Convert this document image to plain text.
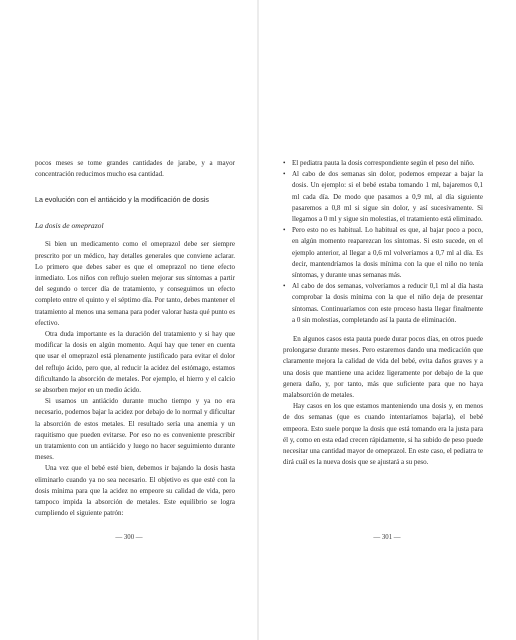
pocos meses se tome grandes cantidades de jarabe, y a mayor concentración reducimos mucho esa cantidad.

La evolución con el antiácido y la modificación de dosis
La dosis de omeprazol

Si bien un medicamento como el omeprazol debe ser siempre prescrito por un médico, hay detalles generales que conviene aclarar. Lo primero que debes saber es que el omeprazol no tiene efecto inmediato. Los niños con reflujo suelen mejorar sus síntomas a partir del segundo o tercer día de tratamiento, y conseguimos un efecto completo entre el quinto y el séptimo día. Por tanto, debes mantener el tratamiento al menos una semana para poder valorar hasta qué punto es efectivo.

Otra duda importante es la duración del tratamiento y si hay que modificar la dosis en algún momento. Aquí hay que tener en cuenta que usar el omeprazol está plenamente justificado para evitar el dolor del reflujo ácido, pero que, al reducir la acidez del estómago, estamos dificultando la absorción de metales. Por ejemplo, el hierro y el calcio se absorben mejor en un medio ácido.

Si usamos un antiácido durante mucho tiempo y ya no era necesario, podemos bajar la acidez por debajo de lo normal y dificultar la absorción de estos metales. El resultado sería una anemia y un raquitismo que pueden evitarse. Por eso no es conveniente prescribir un tratamiento con un antiácido y luego no hacer seguimiento durante meses.

Una vez que el bebé esté bien, debemos ir bajando la dosis hasta eliminarlo cuando ya no sea necesario. El objetivo es que esté con la dosis mínima para que la acidez no empeore su calidad de vida, pero tampoco impida la absorción de metales. Este equilibrio se logra cumpliendo el siguiente patrón:

— 300 —
• El pediatra pauta la dosis correspondiente según el peso del niño.
• Al cabo de dos semanas sin dolor, podemos empezar a bajar la dosis. Un ejemplo: si el bebé estaba tomando 1 ml, bajaremos 0,1 ml cada día. De modo que pasamos a 0,9 ml, al día siguiente pasaremos a 0,8 ml si sigue sin dolor, y así sucesivamente. Si llegamos a 0 ml y sigue sin molestias, el tratamiento está eliminado.
• Pero esto no es habitual. Lo habitual es que, al bajar poco a poco, en algún momento reaparezcan los síntomas. Si esto sucede, en el ejemplo anterior, al llegar a 0,6 ml volveríamos a 0,7 ml al día. Es decir, mantendríamos la dosis mínima con la que el niño no tenía síntomas, y durante unas semanas más.
• Al cabo de dos semanas, volveríamos a reducir 0,1 ml al día hasta comprobar la dosis mínima con la que el niño deja de presentar síntomas. Continuaríamos con este proceso hasta llegar finalmente a 0 sin molestias, completando así la pauta de eliminación.

En algunos casos esta pauta puede durar pocos días, en otros puede prolongarse durante meses. Pero estaremos dando una medicación que claramente mejora la calidad de vida del bebé, evita daños graves y a una dosis que mantiene una acidez ligeramente por debajo de la que genera daño, y, por tanto, más que suficiente para que no haya malabsorción de metales.

Hay casos en los que estamos manteniendo una dosis y, en menos de dos semanas (que es cuando intentaríamos bajarla), el bebé empeora. Esto suele porque la dosis que está tomando era la justa para él y, como en esta edad crecen rápidamente, si ha subido de peso puede necesitar una cantidad mayor de omeprazol. En este caso, el pediatra te dirá cuál es la nueva dosis que se ajustará a su peso.

— 301 —
